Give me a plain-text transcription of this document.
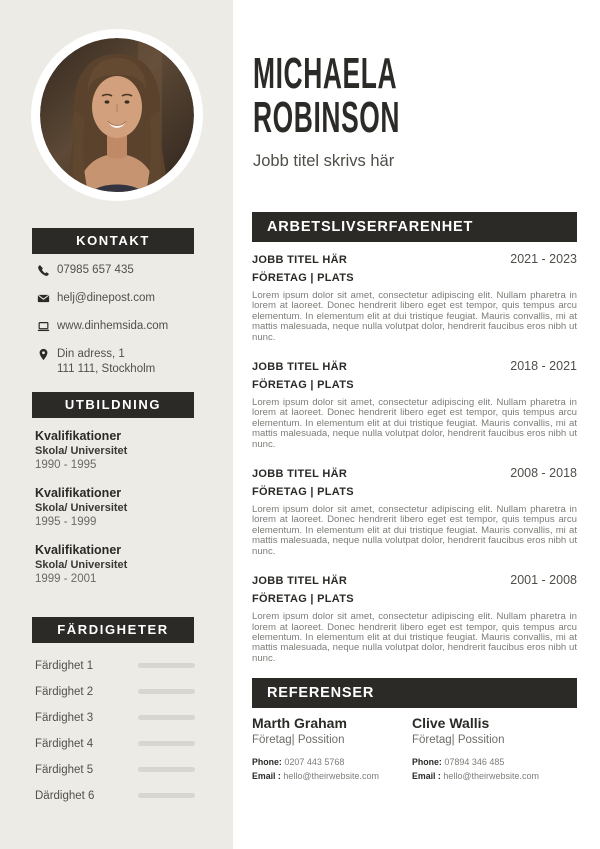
KONTAKT
07985 657 435
helj@dinepost.com
www.dinhemsida.com
Din adress, 1
111 111, Stockholm
UTBILDNING
Kvalifikationer
Skola/ Universitet
1990 - 1995
Kvalifikationer
Skola/ Universitet
1995 - 1999
Kvalifikationer
Skola/ Universitet
1999 - 2001
FÄRDIGHETER
Färdighet 1
Färdighet 2
Färdighet 3
Färdighet 4
Färdighet 5
Därdighet 6
MICHAELA
ROBINSON
Jobb titel skrivs här
ARBETSLIVSERFARENHET
JOBB TITEL HÄR	2021 - 2023
FÖRETAG | PLATS
Lorem ipsum dolor sit amet, consectetur adipiscing elit. Nullam pharetra in lorem at laoreet. Donec hendrerit libero eget est tempor, quis tempus arcu elementum. In elementum elit at dui tristique feugiat. Mauris convallis, mi at mattis malesuada, neque nulla volutpat dolor, hendrerit faucibus eros nibh ut nunc.
JOBB TITEL HÄR	2018 - 2021
FÖRETAG | PLATS
Lorem ipsum dolor sit amet, consectetur adipiscing elit. Nullam pharetra in lorem at laoreet. Donec hendrerit libero eget est tempor, quis tempus arcu elementum. In elementum elit at dui tristique feugiat. Mauris convallis, mi at mattis malesuada, neque nulla volutpat dolor, hendrerit faucibus eros nibh ut nunc.
JOBB TITEL HÄR	2008 - 2018
FÖRETAG | PLATS
Lorem ipsum dolor sit amet, consectetur adipiscing elit. Nullam pharetra in lorem at laoreet. Donec hendrerit libero eget est tempor, quis tempus arcu elementum. In elementum elit at dui tristique feugiat. Mauris convallis, mi at mattis malesuada, neque nulla volutpat dolor, hendrerit faucibus eros nibh ut nunc.
JOBB TITEL HÄR	2001 - 2008
FÖRETAG | PLATS
Lorem ipsum dolor sit amet, consectetur adipiscing elit. Nullam pharetra in lorem at laoreet. Donec hendrerit libero eget est tempor, quis tempus arcu elementum. In elementum elit at dui tristique feugiat. Mauris convallis, mi at mattis malesuada, neque nulla volutpat dolor, hendrerit faucibus eros nibh ut nunc.
REFERENSER
Marth Graham
Företag| Possition
Phone: 0207 443 5768
Email : hello@theirwebsite.com
Clive Wallis
Företag| Possition
Phone: 07894 346 485
Email : hello@theirwebsite.com
